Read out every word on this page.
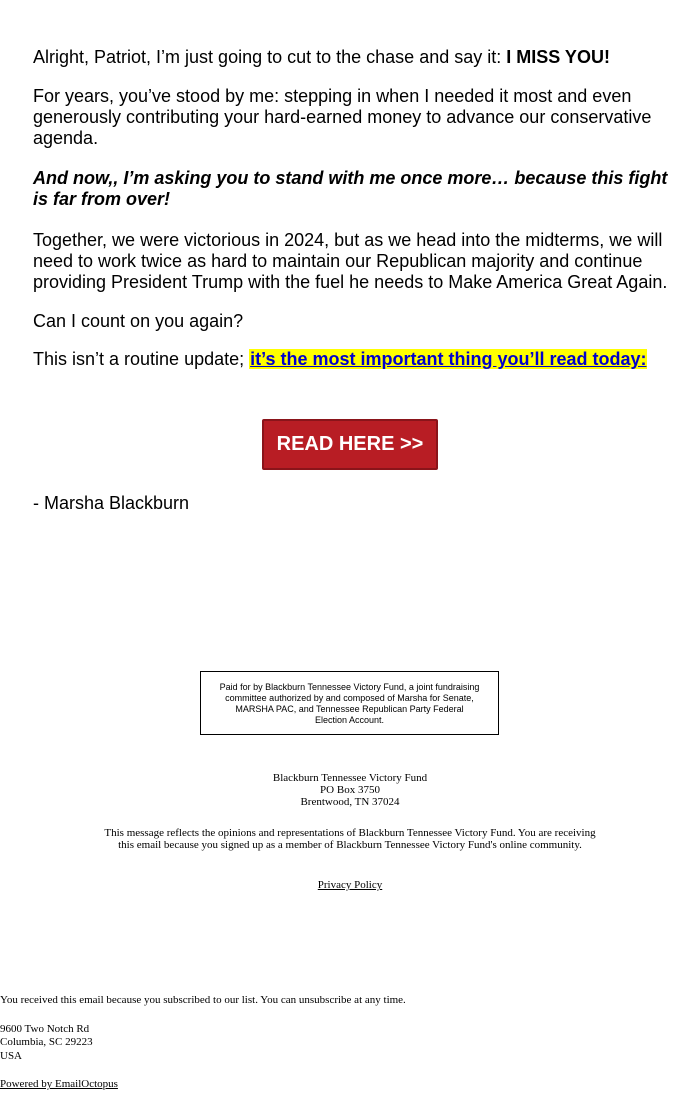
Alright, Patriot, I’m just going to cut to the chase and say it: I MISS YOU!

For years, you’ve stood by me: stepping in when I needed it most and even generously contributing your hard-earned money to advance our conservative agenda.

And now,, I’m asking you to stand with me once more… because this fight is far from over!

Together, we were victorious in 2024, but as we head into the midterms, we will need to work twice as hard to maintain our Republican majority and continue providing President Trump with the fuel he needs to Make America Great Again.

Can I count on you again?

This isn’t a routine update; it’s the most important thing you’ll read today:

READ HERE >>
- Marsha Blackburn
Paid for by Blackburn Tennessee Victory Fund, a joint fundraising committee authorized by and composed of Marsha for Senate, MARSHA PAC, and Tennessee Republican Party Federal Election Account.
Blackburn Tennessee Victory Fund
PO Box 3750
Brentwood, TN 37024
This message reflects the opinions and representations of Blackburn Tennessee Victory Fund. You are receiving this email because you signed up as a member of Blackburn Tennessee Victory Fund's online community.
Privacy Policy
You received this email because you subscribed to our list. You can unsubscribe at any time.
9600 Two Notch Rd
Columbia, SC 29223
USA
Powered by EmailOctopus
